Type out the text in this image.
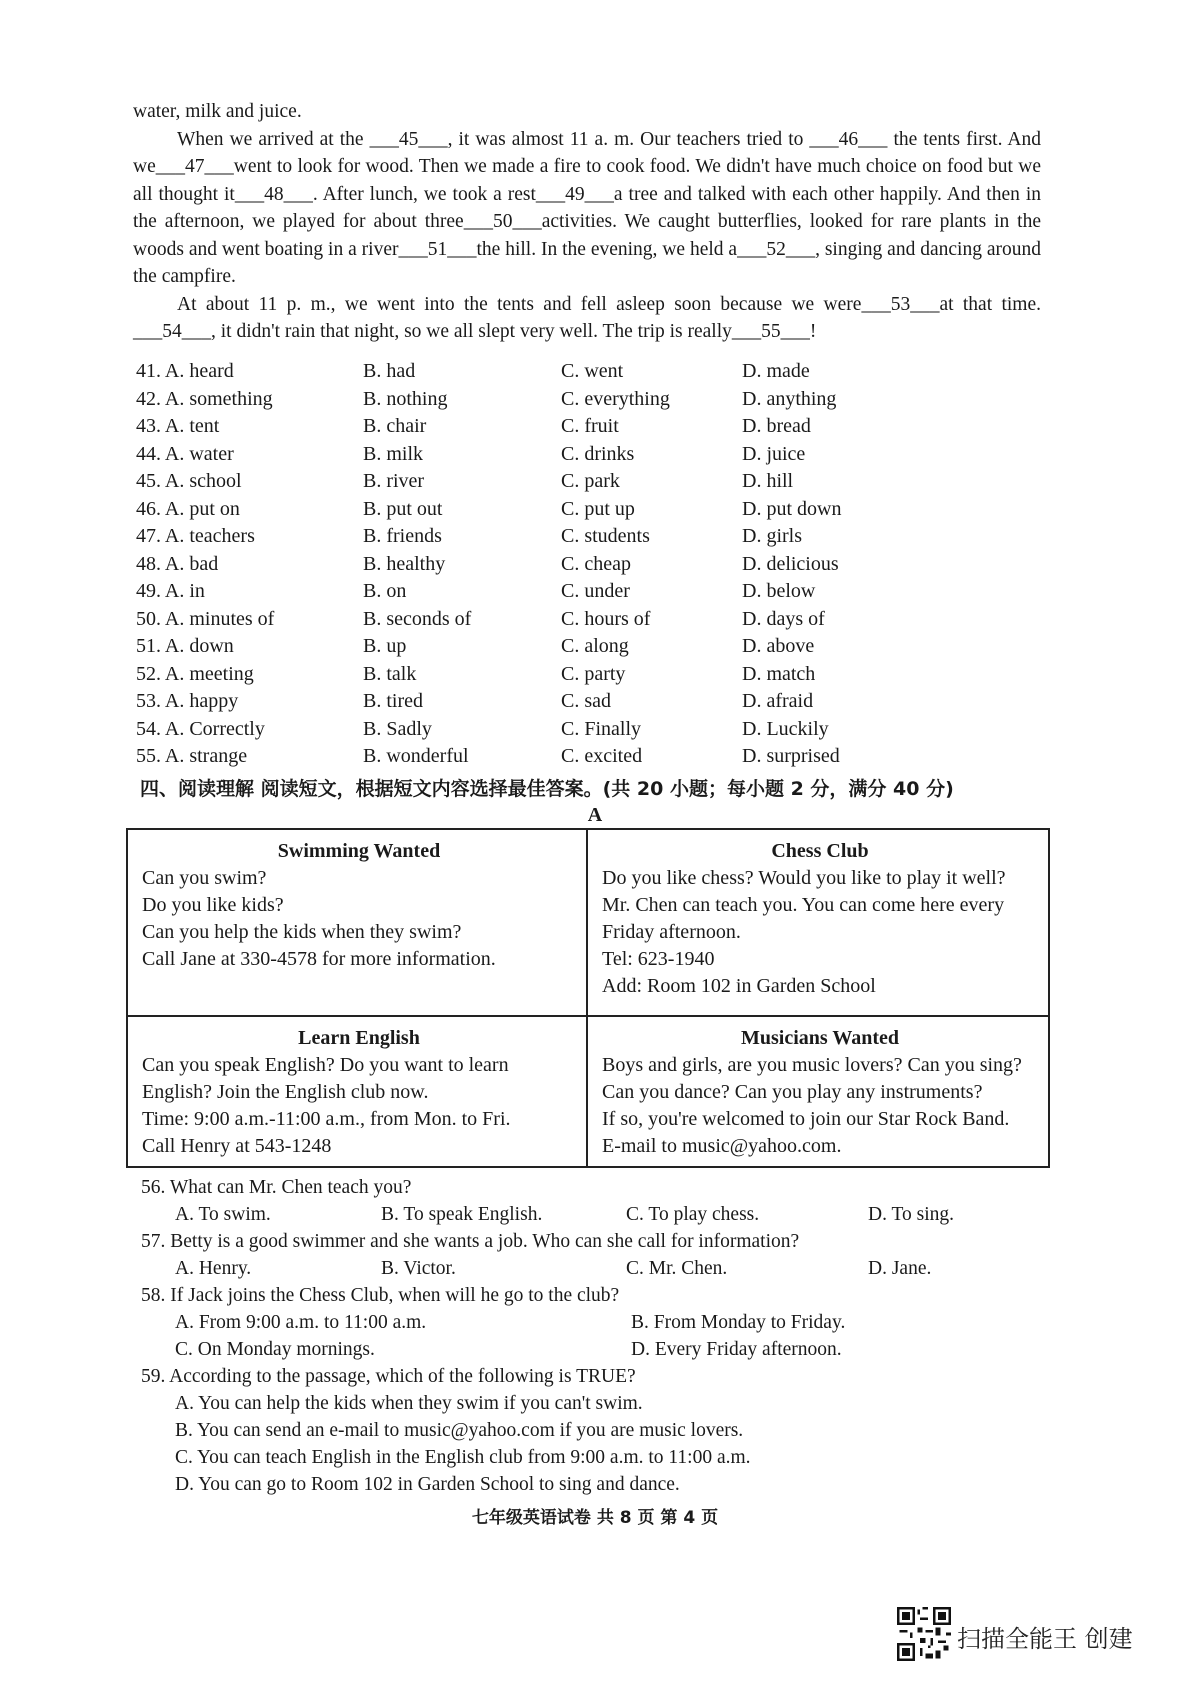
water, milk and juice.

When we arrived at the ___45___, it was almost 11 a. m. Our teachers tried to ___46___ the tents first. And we___47___went to look for wood. Then we made a fire to cook food. We didn't have much choice on food but we all thought it___48___. After lunch, we took a rest___49___a tree and talked with each other happily. And then in the afternoon, we played for about three___50___activities. We caught butterflies, looked for rare plants in the woods and went boating in a river___51___the hill. In the evening, we held a___52___, singing and dancing around the campfire.

At about 11 p. m., we went into the tents and fell asleep soon because we were___53___at that time. ___54___, it didn't rain that night, so we all slept very well. The trip is really___55___!

41. A. heard	B. had	C. went	D. made
42. A. something	B. nothing	C. everything	D. anything
43. A. tent	B. chair	C. fruit	D. bread
44. A. water	B. milk	C. drinks	D. juice
45. A. school	B. river	C. park	D. hill
46. A. put on	B. put out	C. put up	D. put down
47. A. teachers	B. friends	C. students	D. girls
48. A. bad	B. healthy	C. cheap	D. delicious
49. A. in	B. on	C. under	D. below
50. A. minutes of	B. seconds of	C. hours of	D. days of
51. A. down	B. up	C. along	D. above
52. A. meeting	B. talk	C. party	D. match
53. A. happy	B. tired	C. sad	D. afraid
54. A. Correctly	B. Sadly	C. Finally	D. Luckily
55. A. strange	B. wonderful	C. excited	D. surprised
四、阅读理解 阅读短文，根据短文内容选择最佳答案。(共 20 小题；每小题 2 分，满分 40 分)
A
Swimming Wanted
Can you swim?
Do you like kids?
Can you help the kids when they swim?
Call Jane at 330-4578 for more information.
Chess Club
Do you like chess? Would you like to play it well?
Mr. Chen can teach you. You can come here every
Friday afternoon.
Tel: 623-1940
Add: Room 102 in Garden School
Learn English
Can you speak English? Do you want to learn
English? Join the English club now.
Time: 9:00 a.m.-11:00 a.m., from Mon. to Fri.
Call Henry at 543-1248
Musicians Wanted
Boys and girls, are you music lovers? Can you sing?
Can you dance? Can you play any instruments?
If so, you're welcomed to join our Star Rock Band.
E-mail to music@yahoo.com.
56. What can Mr. Chen teach you?
A. To swim.	B. To speak English.	C. To play chess.	D. To sing.
57. Betty is a good swimmer and she wants a job. Who can she call for information?
A. Henry.	B. Victor.	C. Mr. Chen.	D. Jane.
58. If Jack joins the Chess Club, when will he go to the club?
A. From 9:00 a.m. to 11:00 a.m.	B. From Monday to Friday.
C. On Monday mornings.	D. Every Friday afternoon.
59. According to the passage, which of the following is TRUE?
A. You can help the kids when they swim if you can't swim.
B. You can send an e-mail to music@yahoo.com if you are music lovers.
C. You can teach English in the English club from 9:00 a.m. to 11:00 a.m.
D. You can go to Room 102 in Garden School to sing and dance.
七年级英语试卷 共 8 页 第 4 页
扫描全能王 创建
